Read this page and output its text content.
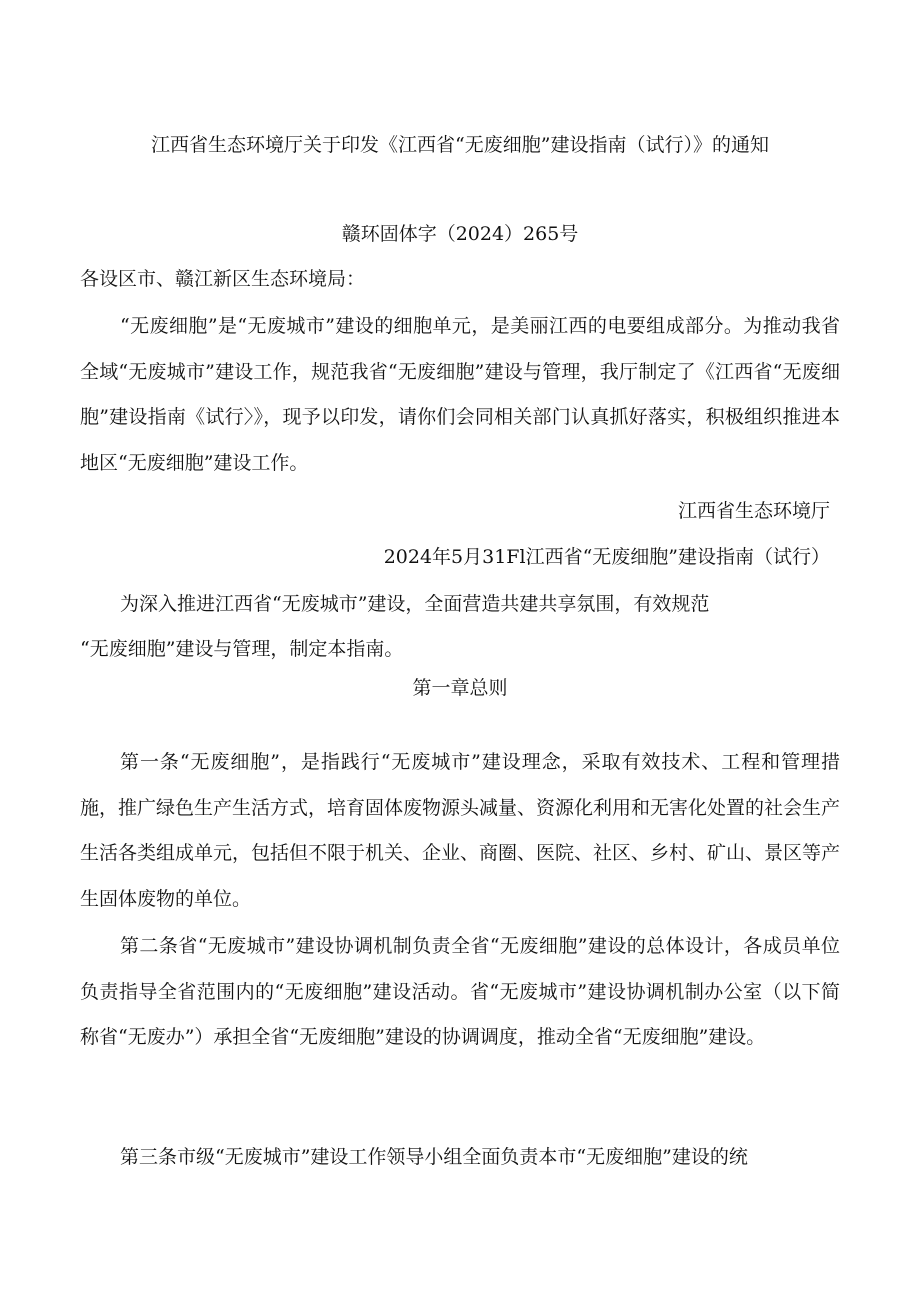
江西省生态环境厅关于印发《江西省“无废细胞”建设指南（试行）》的通知
赣环固体字（2024）265号
各设区市、赣江新区生态环境局：
“无废细胞”是“无废城市”建设的细胞单元，是美丽江西的电要组成部分。为推动我省全域“无废城市”建设工作，规范我省“无废细胞”建设与管理，我厅制定了《江西省“无废细胞”建设指南《试行〉》，现予以印发，请你们会同相关部门认真抓好落实，积极组织推进本地区“无废细胞”建设工作。
江西省生态环境厅
2024年5月31Fl江西省“无废细胞”建设指南（试行）
为深入推进江西省“无废城市”建设，全面营造共建共享氛围，有效规范
“无废细胞”建设与管理，制定本指南。
第一章总则
第一条“无废细胞”，是指践行“无废城市”建设理念，采取有效技术、工程和管理措施，推广绿色生产生活方式，培育固体废物源头减量、资源化利用和无害化处置的社会生产生活各类组成单元，包括但不限于机关、企业、商圈、医院、社区、乡村、矿山、景区等产生固体废物的单位。
第二条省“无废城市”建设协调机制负责全省“无废细胞”建设的总体设计，各成员单位负责指导全省范围内的“无废细胞”建设活动。省“无废城市”建设协调机制办公室（以下简称省“无废办”）承担全省“无废细胞”建设的协调调度，推动全省“无废细胞”建设。
第三条市级“无废城市”建设工作领导小组全面负责本市“无废细胞”建设的统
